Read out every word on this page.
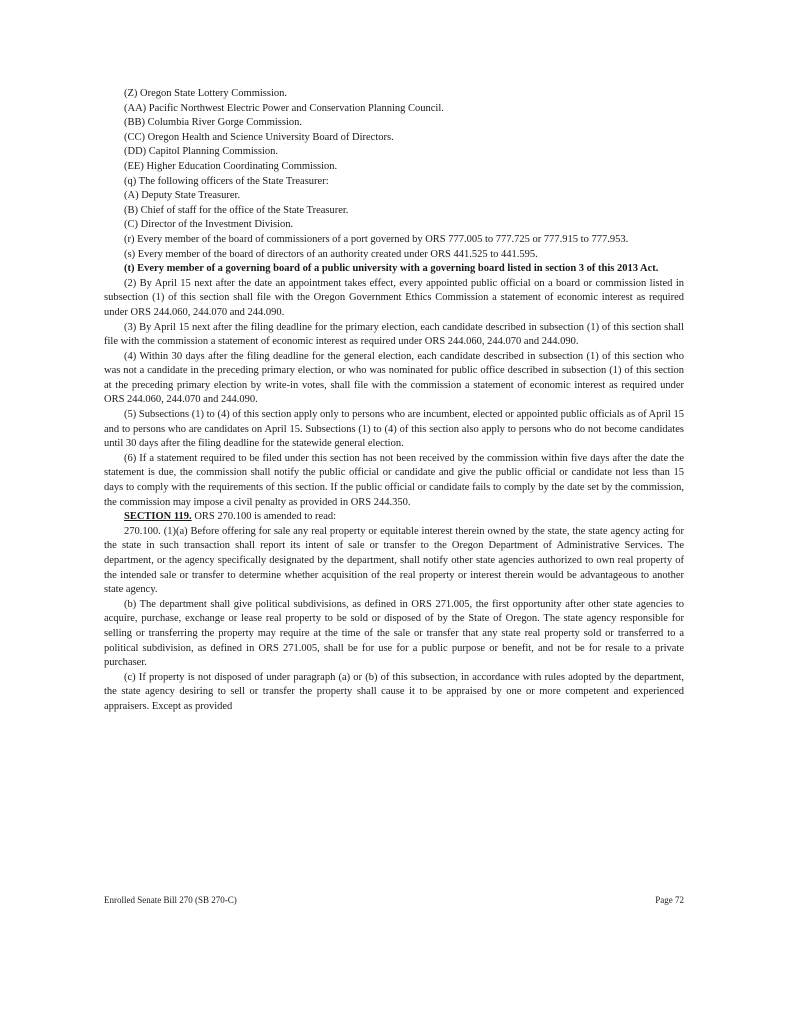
(Z) Oregon State Lottery Commission.

(AA) Pacific Northwest Electric Power and Conservation Planning Council.

(BB) Columbia River Gorge Commission.

(CC) Oregon Health and Science University Board of Directors.

(DD) Capitol Planning Commission.

(EE) Higher Education Coordinating Commission.

(q) The following officers of the State Treasurer:

(A) Deputy State Treasurer.

(B) Chief of staff for the office of the State Treasurer.

(C) Director of the Investment Division.

(r) Every member of the board of commissioners of a port governed by ORS 777.005 to 777.725 or 777.915 to 777.953.

(s) Every member of the board of directors of an authority created under ORS 441.525 to 441.595.

(t) Every member of a governing board of a public university with a governing board listed in section 3 of this 2013 Act.

(2) By April 15 next after the date an appointment takes effect, every appointed public official on a board or commission listed in subsection (1) of this section shall file with the Oregon Government Ethics Commission a statement of economic interest as required under ORS 244.060, 244.070 and 244.090.

(3) By April 15 next after the filing deadline for the primary election, each candidate described in subsection (1) of this section shall file with the commission a statement of economic interest as required under ORS 244.060, 244.070 and 244.090.

(4) Within 30 days after the filing deadline for the general election, each candidate described in subsection (1) of this section who was not a candidate in the preceding primary election, or who was nominated for public office described in subsection (1) of this section at the preceding primary election by write-in votes, shall file with the commission a statement of economic interest as required under ORS 244.060, 244.070 and 244.090.

(5) Subsections (1) to (4) of this section apply only to persons who are incumbent, elected or appointed public officials as of April 15 and to persons who are candidates on April 15. Subsections (1) to (4) of this section also apply to persons who do not become candidates until 30 days after the filing deadline for the statewide general election.

(6) If a statement required to be filed under this section has not been received by the commission within five days after the date the statement is due, the commission shall notify the public official or candidate and give the public official or candidate not less than 15 days to comply with the requirements of this section. If the public official or candidate fails to comply by the date set by the commission, the commission may impose a civil penalty as provided in ORS 244.350.

SECTION 119. ORS 270.100 is amended to read:

270.100. (1)(a) Before offering for sale any real property or equitable interest therein owned by the state, the state agency acting for the state in such transaction shall report its intent of sale or transfer to the Oregon Department of Administrative Services. The department, or the agency specifically designated by the department, shall notify other state agencies authorized to own real property of the intended sale or transfer to determine whether acquisition of the real property or interest therein would be advantageous to another state agency.

(b) The department shall give political subdivisions, as defined in ORS 271.005, the first opportunity after other state agencies to acquire, purchase, exchange or lease real property to be sold or disposed of by the State of Oregon. The state agency responsible for selling or transferring the property may require at the time of the sale or transfer that any state real property sold or transferred to a political subdivision, as defined in ORS 271.005, shall be for use for a public purpose or benefit, and not be for resale to a private purchaser.

(c) If property is not disposed of under paragraph (a) or (b) of this subsection, in accordance with rules adopted by the department, the state agency desiring to sell or transfer the property shall cause it to be appraised by one or more competent and experienced appraisers. Except as provided

Enrolled Senate Bill 270 (SB 270-C)	Page 72
